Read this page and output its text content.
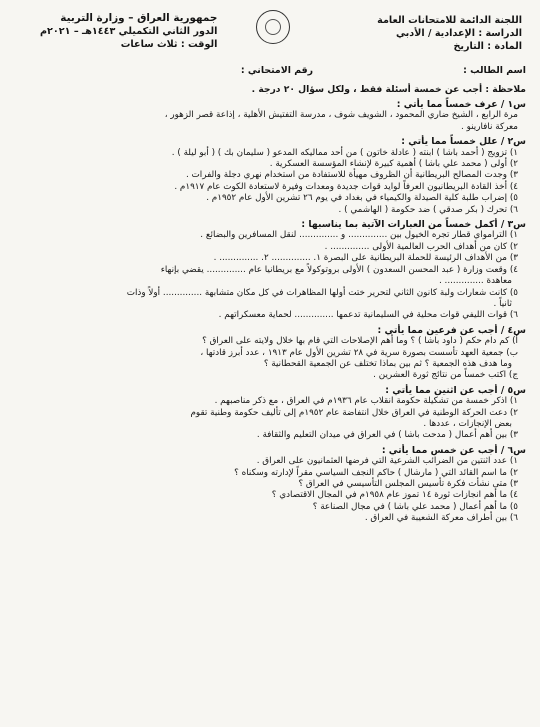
اللجنة الدائمة للامتحانات العامة
الدراسة : الإعدادية / الأدبي
المادة : التاريخ
جمهورية العراق – وزارة التربية
الدور الثاني التكميلي ١٤٤٣هـ – ٢٠٢١م
الوقت : ثلاث ساعات
اسم الطالب :
رقم الامتحاني :
ملاحظة : أجب عن خمسة أسئلة فقط ، ولكل سؤال ٢٠ درجة .
س١ / عرف خمساً مما يأتي :
مرة الرابع ، الشيخ ضاري المحمود ، الشويف شوف ، مدرسة التفتيش الأهلية ، إذاعة قصر الزهور ،
معركة نافارينو .
س٢ / علل خمساً مما يأتي :
١) تزويج ( أحمد باشا ) ابنته ( عادلة خاتون ) من أحد مماليكه المدعو ( سليمان بك ) ( أبو ليلة ) .
٢) أولى ( محمد علي باشا ) أهمية كبيرة لإنشاء المؤسسة العسكرية .
٣) وجدت المصالح البريطانية أن الظروف مهيأة للاستفادة من استخدام نهري دجلة والفرات .
٤) أخذ القادة البريطانيون العرفاً لوايد قوات جديدة ومعدات وفيرة لاستعادة الكوت عام ١٩١٧م .
٥) إضراب طلبة كلية الصيدلة والكيمياء في بغداد في يوم ٢٦ تشرين الأول عام ١٩٥٢م .
٦) تحرك ( بكر صدقي ) ضد حكومة ( الهاشمي ) .
س٣ / أكمل خمساً من العبارات الآتية بما يناسبها :
١) الترامواي قطار تجره الخيول بين .............. و .............. لنقل المسافرين والبضائع .
٢) كان من أهداف الحرب العالمية الأولى .............. .
٣) من الأهداف الرئيسة للحملة البريطانية على البصرة ١. .............. ٢. .............. .
٤) وقعت وزارة ( عبد المحسن السعدون ) الأولى بروتوكولاً مع بريطانيا عام .............. يقضي بإنهاء
معاهدة .............. .
٥) كانت شعارات ولبة كانون الثاني لتحرير ختت أولها المظاهرات في كل مكان متشابهة .............. أولاً وذات
ثانياً .
٦) قوات الليفي قوات محلية في السليمانية تدعمها .............. لحماية معسكراتهم .
س٤ / أجب عن فرعين مما يأتي :
أ) كم دام حكم ( داود باشا ) ؟ وما أهم الإصلاحات التي قام بها خلال ولايته على العراق ؟
ب) جمعية العهد تأسست بصورة سرية في ٢٨ تشرين الأول عام ١٩١٣ ، عدد أبرز قادتها ،
وما هدف هذه الجمعية ؟ ثم بين بماذا تختلف عن الجمعية القحطانية ؟
ج) اكتب خمساً من نتائج ثورة العشرين .
س٥ / أجب عن اثنين مما يأتي :
١) اذكر خمسة من تشكيلة حكومة انقلاب عام ١٩٣٦م في العراق ، مع ذكر مناصبهم .
٢) دعت الحركة الوطنية في العراق خلال انتفاضة عام ١٩٥٢م إلى تأليف حكومة وطنية تقوم
بعض الإنجازات ، عددها .
٣) بين أهم أعمال ( مدحت باشا ) في العراق في ميدان التعليم والثقافة .
س٦ / أجب عن خمس مما يأتي :
١) عدد اثنتين من الضرائب الشرعية التي فرضها العثمانيون على العراق .
٢) ما اسم القائد التي ( مارشال ) حاكم النجف السياسي مقراً لإدارته وسكناه ؟
٣) متى نشأت فكرة تأسيس المجلس التأسيسي في العراق ؟
٤) ما أهم انجازات ثورة ١٤ تموز عام ١٩٥٨م في المجال الاقتصادي ؟
٥) ما أهم أعمال ( محمد علي باشا ) في مجال الصناعة ؟
٦) بين أطراف معركة الشعيبة في العراق .
